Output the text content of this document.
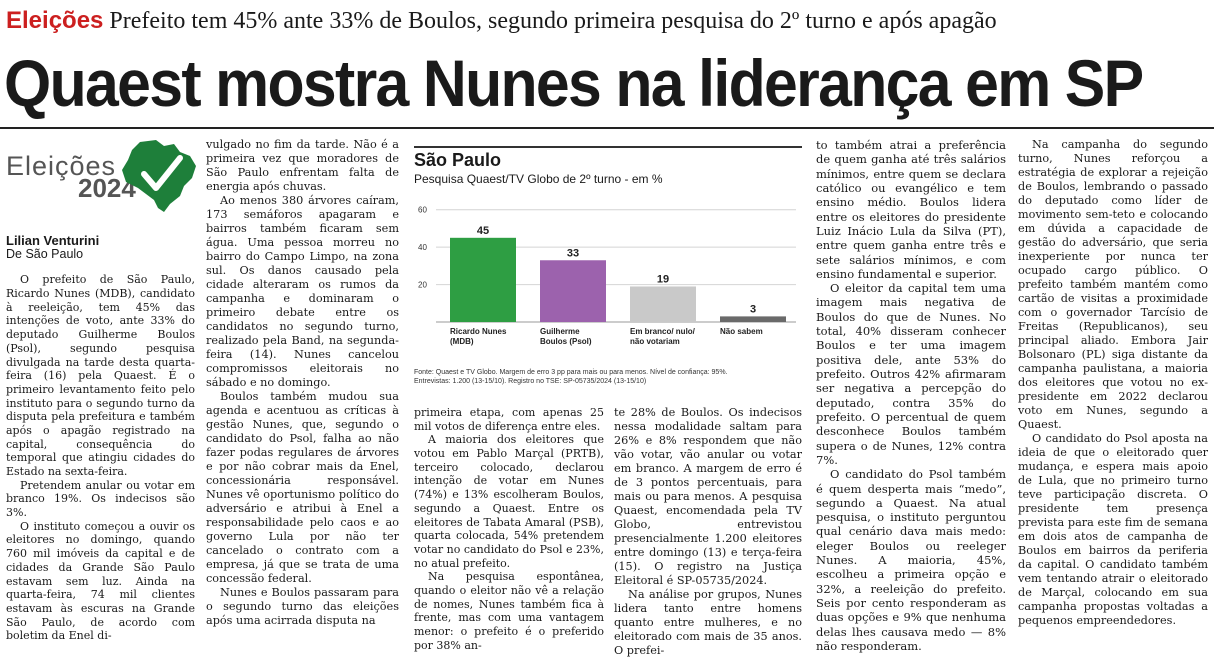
Eleições Prefeito tem 45% ante 33% de Boulos, segundo primeira pesquisa do 2º turno e após apagão
Quaest mostra Nunes na liderança em SP
Eleições
2024
Lilian Venturini
De São Paulo

O prefeito de São Paulo, Ricardo Nunes (MDB), candidato à reeleição, tem 45% das intenções de voto, ante 33% do deputado Guilherme Boulos (Psol), segundo pesquisa divulgada na tarde desta quarta-feira (16) pela Quaest. É o primeiro levantamento feito pelo instituto para o segundo turno da disputa pela prefeitura e também após o apagão registrado na capital, consequência do temporal que atingiu cidades do Estado na sexta-feira.

Pretendem anular ou votar em branco 19%. Os indecisos são 3%.

O instituto começou a ouvir os eleitores no domingo, quando 760 mil imóveis da capital e de cidades da Grande São Paulo estavam sem luz. Ainda na quarta-feira, 74 mil clientes estavam às escuras na Grande São Paulo, de acordo com boletim da Enel di-

vulgado no fim da tarde. Não é a primeira vez que moradores de São Paulo enfrentam falta de energia após chuvas.

Ao menos 380 árvores caíram, 173 semáforos apagaram e bairros também ficaram sem água. Uma pessoa morreu no bairro do Campo Limpo, na zona sul. Os danos causado pela cidade alteraram os rumos da campanha e dominaram o primeiro debate entre os candidatos no segundo turno, realizado pela Band, na segunda-feira (14). Nunes cancelou compromissos eleitorais no sábado e no domingo.

Boulos também mudou sua agenda e acentuou as críticas à gestão Nunes, que, segundo o candidato do Psol, falha ao não fazer podas regulares de árvores e por não cobrar mais da Enel, concessionária responsável. Nunes vê oportunismo político do adversário e atribui à Enel a responsabilidade pelo caos e ao governo Lula por não ter cancelado o contrato com a empresa, já que se trata de uma concessão federal.

Nunes e Boulos passaram para o segundo turno das eleições após uma acirrada disputa na

São Paulo
Pesquisa Quaest/TV Globo de 2º turno - em %
20
40
60
45
Ricardo Nunes
(MDB)
33
Guilherme
Boulos (Psol)
19
Em branco/ nulo/
não votariam
3
Não sabem
Fonte: Quaest e TV Globo. Margem de erro 3 pp para mais ou para menos. Nível de confiança: 95%.
Entrevistas: 1.200 (13-15/10). Registro no TSE: SP-05735/2024 (13-15/10)

primeira etapa, com apenas 25 mil votos de diferença entre eles.

A maioria dos eleitores que votou em Pablo Marçal (PRTB), terceiro colocado, declarou intenção de votar em Nunes (74%) e 13% escolheram Boulos, segundo a Quaest. Entre os eleitores de Tabata Amaral (PSB), quarta colocada, 54% pretendem votar no candidato do Psol e 23%, no atual prefeito.

Na pesquisa espontânea, quando o eleitor não vê a relação de nomes, Nunes também fica à frente, mas com uma vantagem menor: o prefeito é o preferido por 38% an-

te 28% de Boulos. Os indecisos nessa modalidade saltam para 26% e 8% respondem que não vão votar, vão anular ou votar em branco. A margem de erro é de 3 pontos percentuais, para mais ou para menos. A pesquisa Quaest, encomendada pela TV Globo, entrevistou presencialmente 1.200 eleitores entre domingo (13) e terça-feira (15). O registro na Justiça Eleitoral é SP-05735/2024.

Na análise por grupos, Nunes lidera tanto entre homens quanto entre mulheres, e no eleitorado com mais de 35 anos. O prefei-

to também atrai a preferência de quem ganha até três salários mínimos, entre quem se declara católico ou evangélico e tem ensino médio. Boulos lidera entre os eleitores do presidente Luiz Inácio Lula da Silva (PT), entre quem ganha entre três e sete salários mínimos, e com ensino fundamental e superior.

O eleitor da capital tem uma imagem mais negativa de Boulos do que de Nunes. No total, 40% disseram conhecer Boulos e ter uma imagem positiva dele, ante 53% do prefeito. Outros 42% afirmaram ser negativa a percepção do deputado, contra 35% do prefeito. O percentual de quem desconhece Boulos também supera o de Nunes, 12% contra 7%.

O candidato do Psol também é quem desperta mais “medo”, segundo a Quaest. Na atual pesquisa, o instituto perguntou qual cenário dava mais medo: eleger Boulos ou reeleger Nunes. A maioria, 45%, escolheu a primeira opção e 32%, a reeleição do prefeito. Seis por cento responderam as duas opções e 9% que nenhuma delas lhes causava medo — 8% não responderam.

Na campanha do segundo turno, Nunes reforçou a estratégia de explorar a rejeição de Boulos, lembrando o passado do deputado como líder de movimento sem-teto e colocando em dúvida a capacidade de gestão do adversário, que seria inexperiente por nunca ter ocupado cargo público. O prefeito também mantém como cartão de visitas a proximidade com o governador Tarcísio de Freitas (Republicanos), seu principal aliado. Embora Jair Bolsonaro (PL) siga distante da campanha paulistana, a maioria dos eleitores que votou no ex-presidente em 2022 declarou voto em Nunes, segundo a Quaest.

O candidato do Psol aposta na ideia de que o eleitorado quer mudança, e espera mais apoio de Lula, que no primeiro turno teve participação discreta. O presidente tem presença prevista para este fim de semana em dois atos de campanha de Boulos em bairros da periferia da capital. O candidato também vem tentando atrair o eleitorado de Marçal, colocando em sua campanha propostas voltadas a pequenos empreendedores.
